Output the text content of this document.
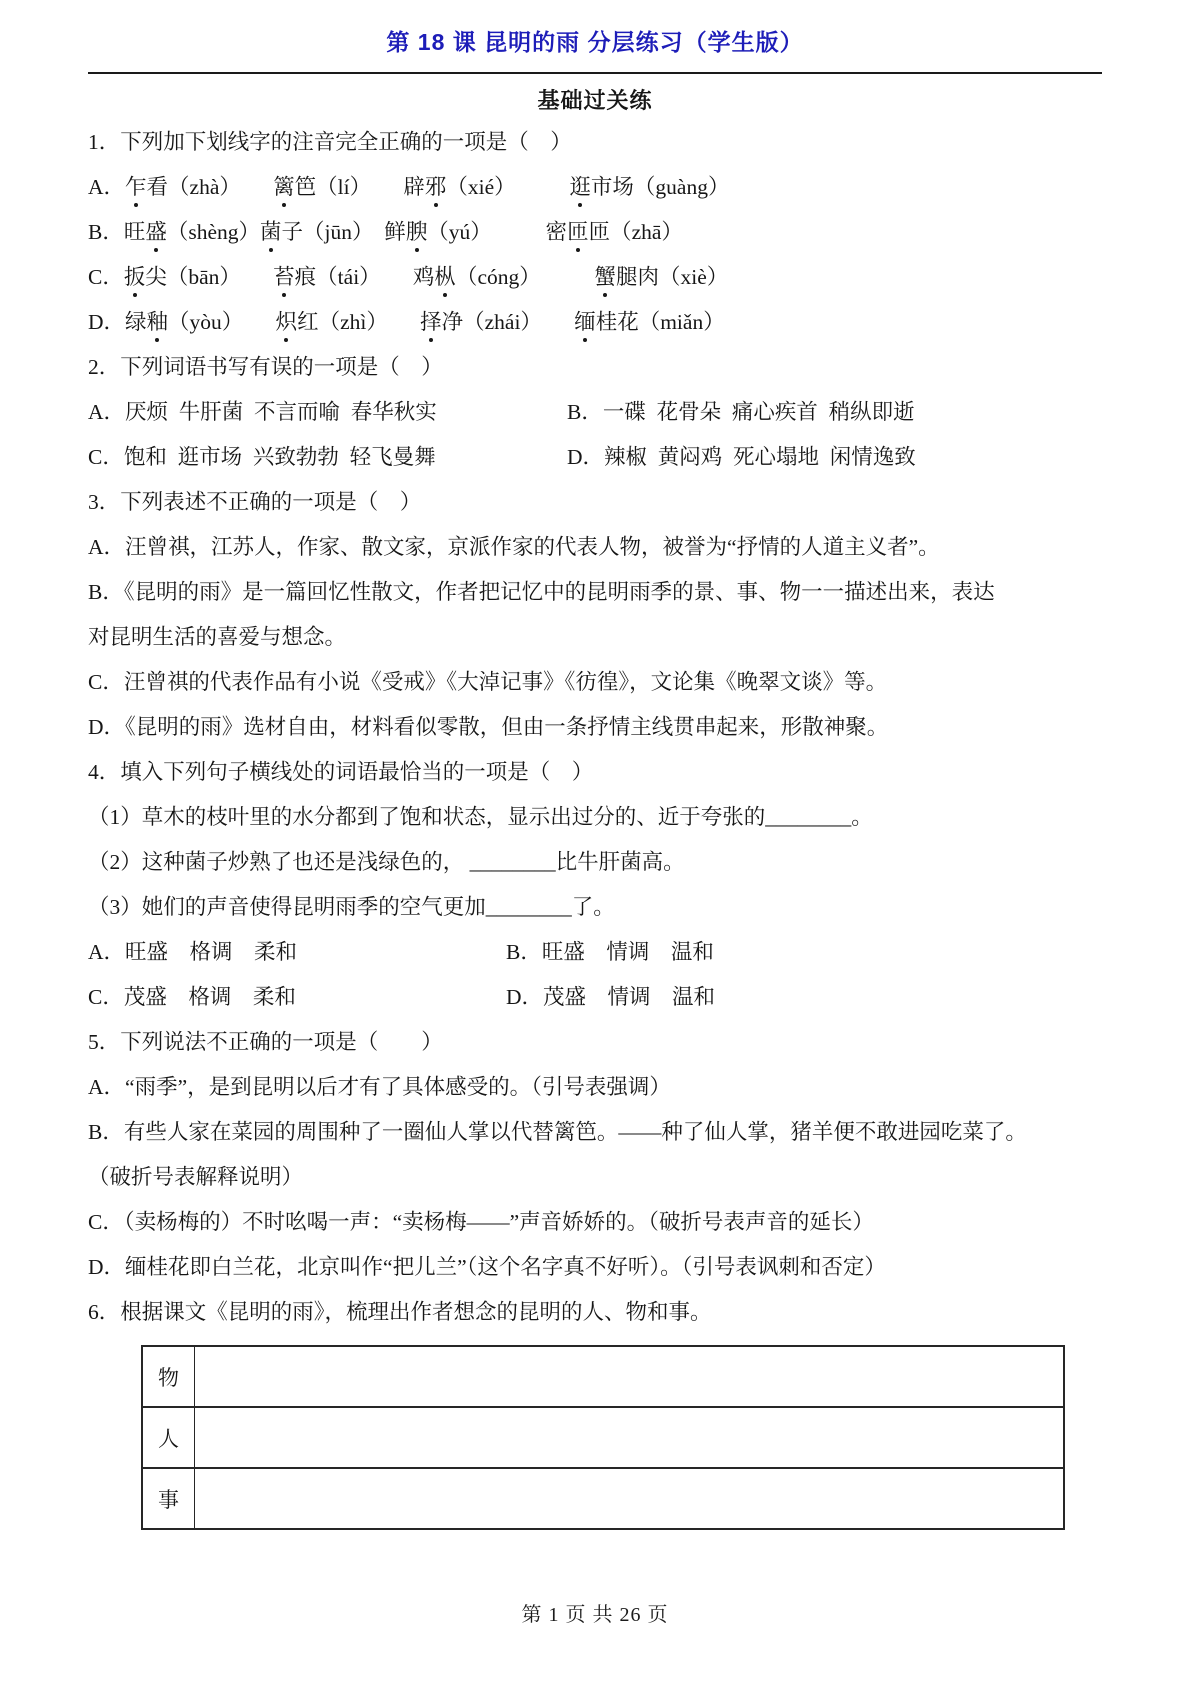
第 18 课 昆明的雨 分层练习（学生版）
基础过关练
1．下列加下划线字的注音完全正确的一项是（　）
A．乍看（zhà）　　篱笆（lí）　　辟邪（xié）　　　逛市场（guàng）
B．旺盛（shèng）菌子（jūn）　鲜腴（yú）　　　密匝匝（zhā）
C．扳尖（bān）　　苔痕（tái）　　鸡枞（cóng）　　　蟹腿肉（xiè）
D．绿釉（yòu）　　炽红（zhì）　　择净（zhái）　　缅桂花（miǎn）
2．下列词语书写有误的一项是（　）
A．厌烦  牛肝菌  不言而喻  春华秋实	B．一碟  花骨朵  痛心疾首  稍纵即逝
C．饱和  逛市场  兴致勃勃  轻飞曼舞	D．辣椒  黄闷鸡  死心塌地  闲情逸致
3．下列表述不正确的一项是（　）
A．汪曾祺，江苏人，作家、散文家，京派作家的代表人物，被誉为“抒情的人道主义者”。
B．《昆明的雨》是一篇回忆性散文，作者把记忆中的昆明雨季的景、事、物一一描述出来，表达
对昆明生活的喜爱与想念。
C．汪曾祺的代表作品有小说《受戒》《大淖记事》《彷徨》，文论集《晚翠文谈》等。
D．《昆明的雨》选材自由，材料看似零散，但由一条抒情主线贯串起来，形散神聚。
4．填入下列句子横线处的词语最恰当的一项是（　）
（1）草木的枝叶里的水分都到了饱和状态，显示出过分的、近于夸张的________。
（2）这种菌子炒熟了也还是浅绿色的， ________比牛肝菌高。
（3）她们的声音使得昆明雨季的空气更加________了。
A．旺盛　格调　柔和	B．旺盛　情调　温和
C．茂盛　格调　柔和	D．茂盛　情调　温和
5．下列说法不正确的一项是（　　）
A．“雨季”，是到昆明以后才有了具体感受的。（引号表强调）
B．有些人家在菜园的周围种了一圈仙人掌以代替篱笆。——种了仙人掌，猪羊便不敢进园吃菜了。
（破折号表解释说明）
C．（卖杨梅的）不时吆喝一声：“卖杨梅——”声音娇娇的。（破折号表声音的延长）
D．缅桂花即白兰花，北京叫作“把儿兰”（这个名字真不好听）。（引号表讽刺和否定）
6．根据课文《昆明的雨》，梳理出作者想念的昆明的人、物和事。
物	
人	
事	
第 1 页 共 26 页
